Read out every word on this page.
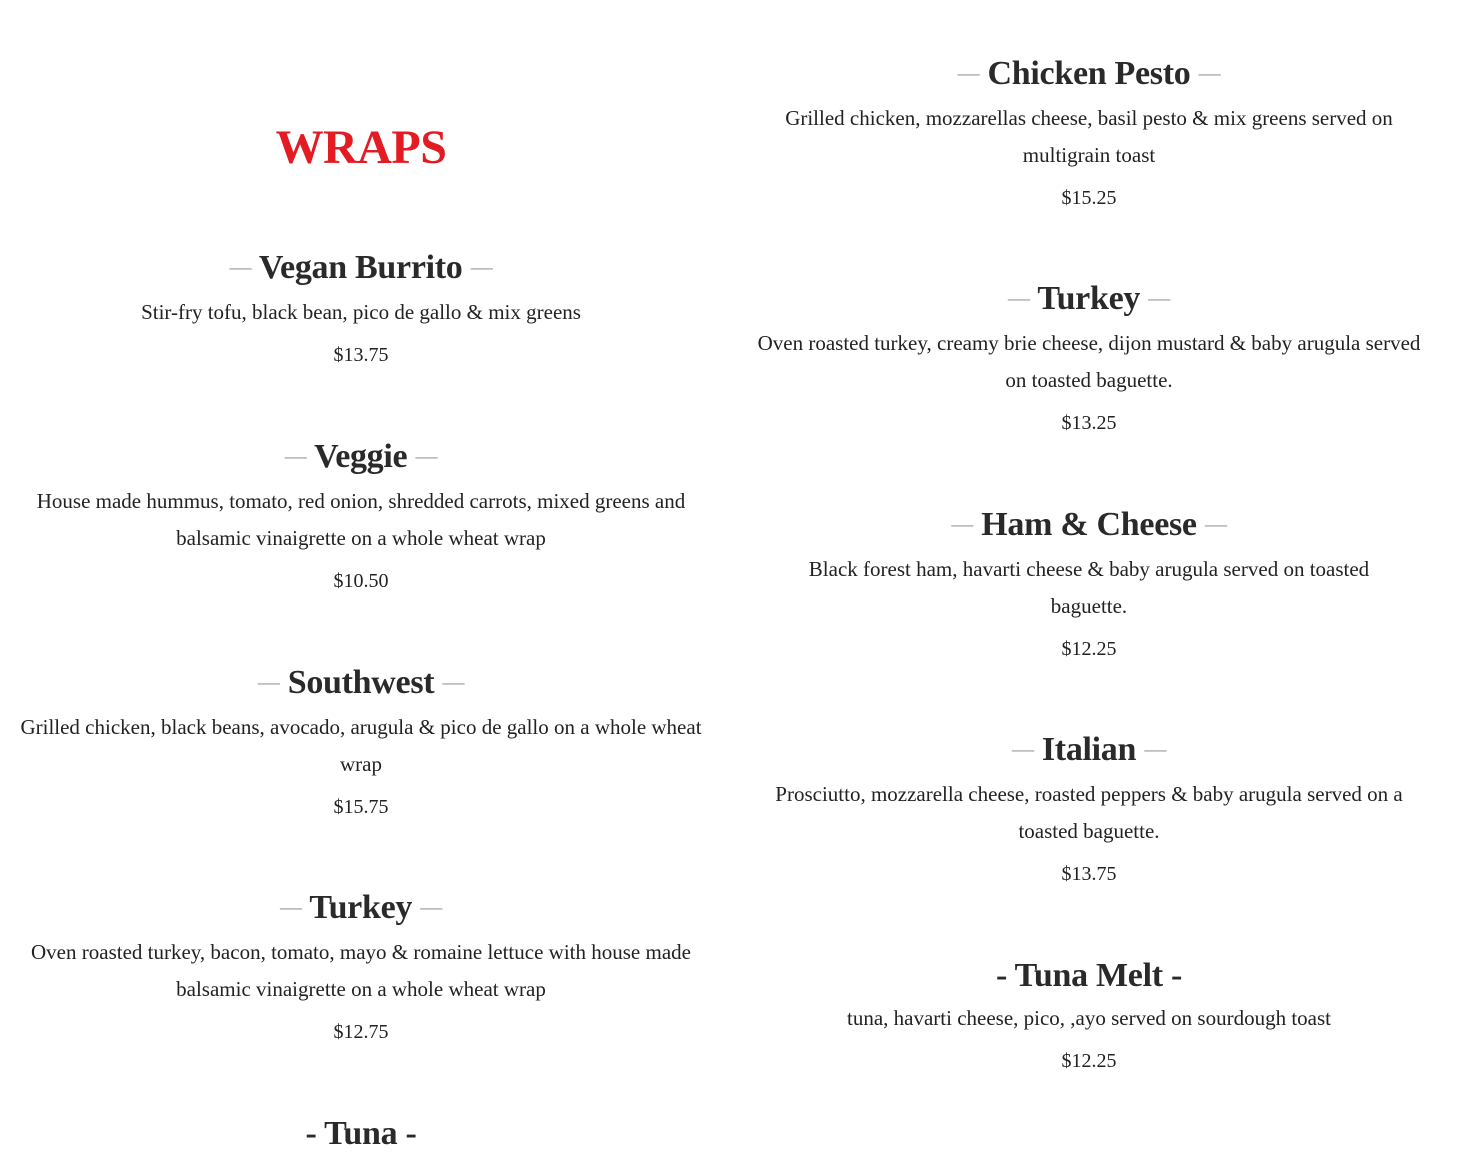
WRAPS
— Vegan Burrito —

Stir-fry tofu, black bean, pico de gallo & mix greens

$13.75

— Veggie —

House made hummus, tomato, red onion, shredded carrots, mixed greens and balsamic vinaigrette on a whole wheat wrap

$10.50

— Southwest —

Grilled chicken, black beans, avocado, arugula & pico de gallo on a whole wheat wrap

$15.75

— Turkey —

Oven roasted turkey, bacon, tomato, mayo & romaine lettuce with house made balsamic vinaigrette on a whole wheat wrap

$12.75

- Tuna -
— Chicken Pesto —

Grilled chicken, mozzarellas cheese, basil pesto & mix greens served on multigrain toast

$15.25

— Turkey —

Oven roasted turkey, creamy brie cheese, dijon mustard & baby arugula served on toasted baguette.

$13.25

— Ham & Cheese —

Black forest ham, havarti cheese & baby arugula served on toasted baguette.

$12.25

— Italian —

Prosciutto, mozzarella cheese, roasted peppers & baby arugula served on a toasted baguette.

$13.75

- Tuna Melt -

tuna, havarti cheese, pico, ,ayo served on sourdough toast

$12.25
